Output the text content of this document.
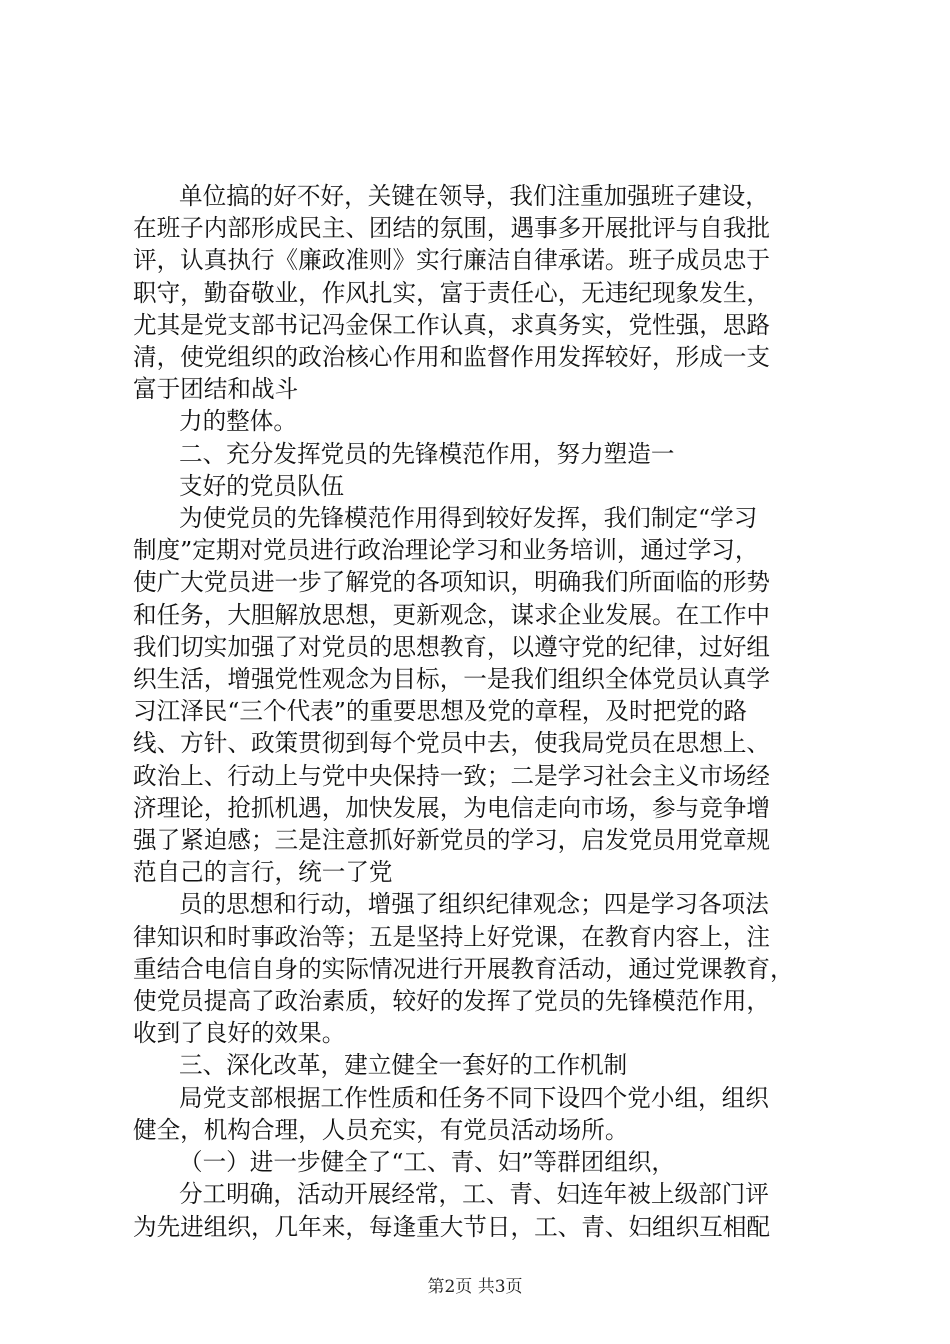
单位搞的好不好，关键在领导，我们注重加强班子建设，
在班子内部形成民主、团结的氛围，遇事多开展批评与自我批
评，认真执行《廉政准则》实行廉洁自律承诺。班子成员忠于
职守，勤奋敬业，作风扎实，富于责任心，无违纪现象发生，
尤其是党支部书记冯金保工作认真，求真务实，党性强，思路
清，使党组织的政治核心作用和监督作用发挥较好，形成一支
富于团结和战斗
力的整体。
二、充分发挥党员的先锋模范作用，努力塑造一
支好的党员队伍
为使党员的先锋模范作用得到较好发挥，我们制定“学习
制度”定期对党员进行政治理论学习和业务培训，通过学习，
使广大党员进一步了解党的各项知识，明确我们所面临的形势
和任务，大胆解放思想，更新观念，谋求企业发展。在工作中
我们切实加强了对党员的思想教育，以遵守党的纪律，过好组
织生活，增强党性观念为目标，一是我们组织全体党员认真学
习江泽民“三个代表”的重要思想及党的章程，及时把党的路
线、方针、政策贯彻到每个党员中去，使我局党员在思想上、
政治上、行动上与党中央保持一致；二是学习社会主义市场经
济理论，抢抓机遇，加快发展，为电信走向市场，参与竞争增
强了紧迫感；三是注意抓好新党员的学习，启发党员用党章规
范自己的言行，统一了党
员的思想和行动，增强了组织纪律观念；四是学习各项法
律知识和时事政治等；五是坚持上好党课，在教育内容上，注
重结合电信自身的实际情况进行开展教育活动，通过党课教育，
使党员提高了政治素质，较好的发挥了党员的先锋模范作用，
收到了良好的效果。
三、深化改革，建立健全一套好的工作机制
局党支部根据工作性质和任务不同下设四个党小组，组织
健全，机构合理，人员充实，有党员活动场所。
（一）进一步健全了“工、青、妇”等群团组织，
分工明确，活动开展经常，工、青、妇连年被上级部门评
为先进组织，几年来，每逢重大节日，工、青、妇组织互相配
第2页 共3页
